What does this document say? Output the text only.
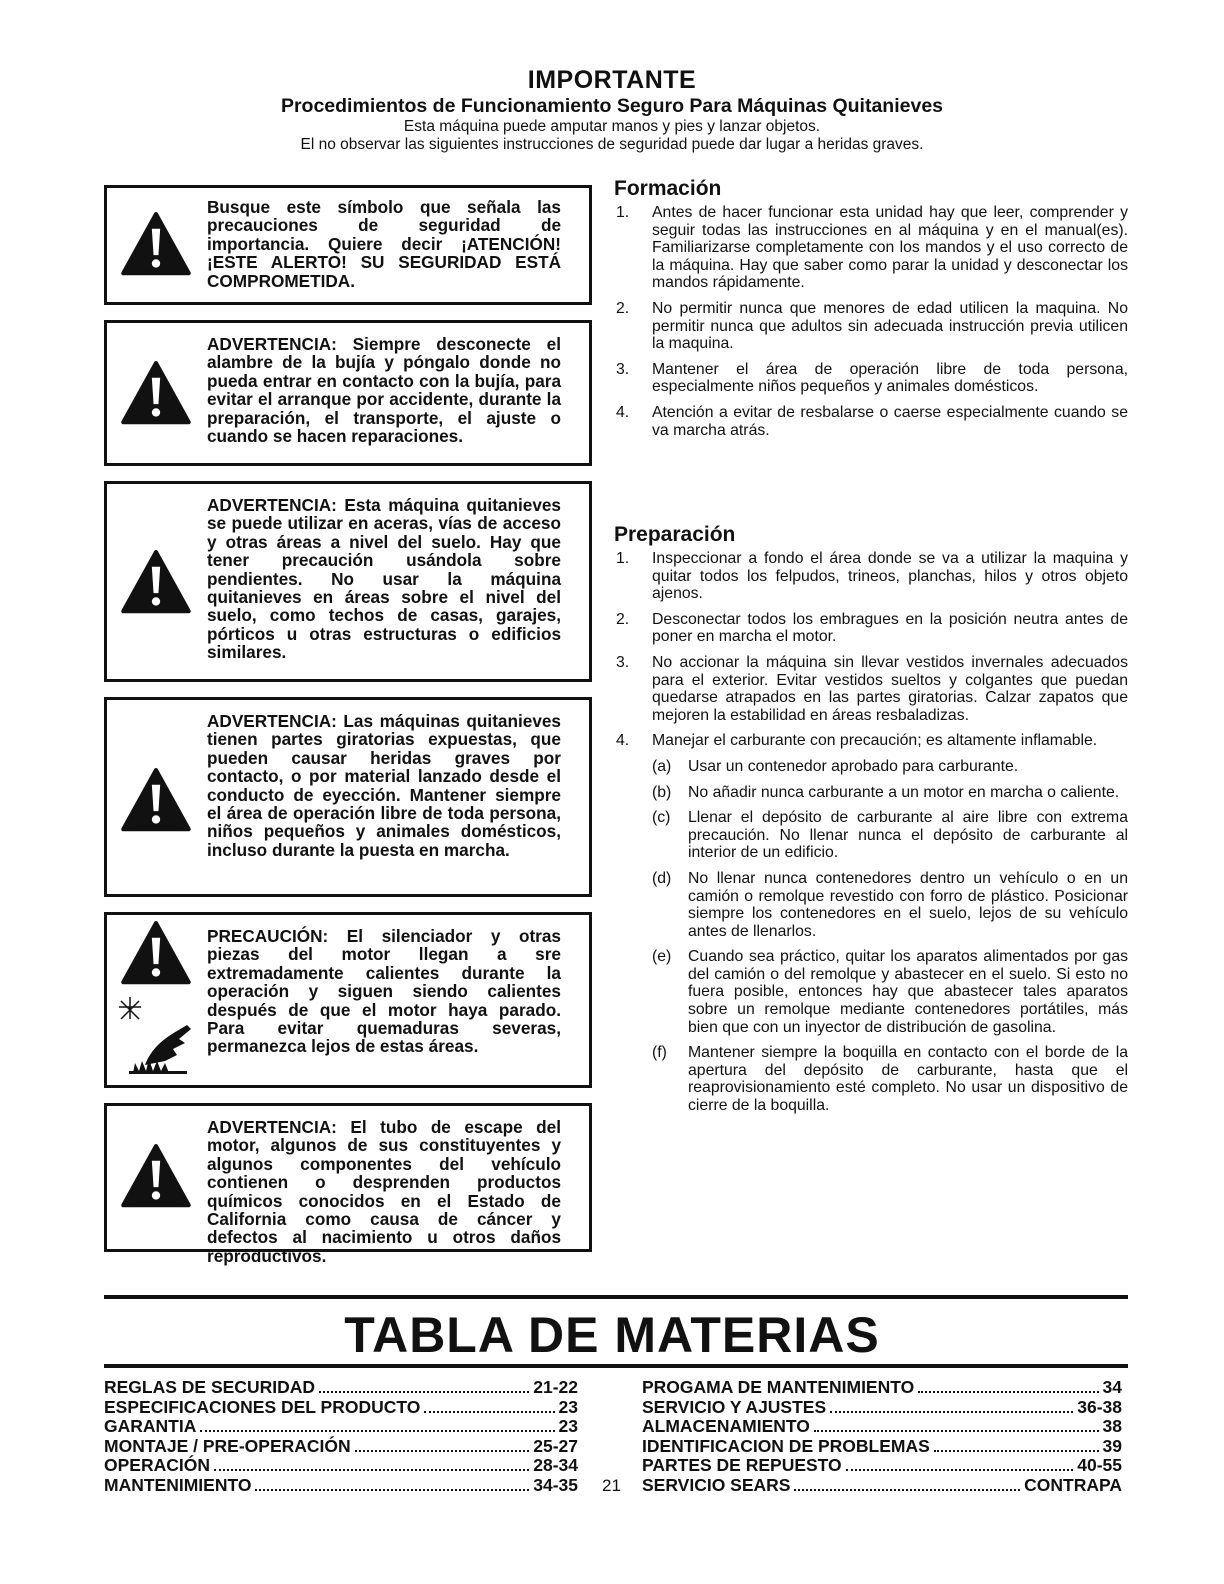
IMPORTANTE
Procedimientos de Funcionamiento Seguro Para Máquinas Quitanieves
Esta máquina puede amputar manos y pies y lanzar objetos.
El no observar las siguientes instrucciones de seguridad puede dar lugar a heridas graves.
Busque este símbolo que señala las precauciones de seguridad de importancia. Quiere decir ¡ATENCIÓN! ¡ESTE ALERTO! SU SEGURIDAD ESTÁ COMPROMETIDA.
ADVERTENCIA: Siempre desconecte el alambre de la bujía y póngalo donde no pueda entrar en contacto con la bujía, para evitar el arranque por accidente, durante la preparación, el transporte, el ajuste o cuando se hacen reparaciones.
ADVERTENCIA: Esta máquina quitanieves se puede utilizar en aceras, vías de acceso y otras áreas a nivel del suelo. Hay que tener precaución usándola sobre pendientes. No usar la máquina quitanieves en áreas sobre el nivel del suelo, como techos de casas, garajes, pórticos u otras estructuras o edificios similares.
ADVERTENCIA: Las máquinas quitanieves tienen partes giratorias expuestas, que pueden causar heridas graves por contacto, o por material lanzado desde el conducto de eyección. Mantener siempre el área de operación libre de toda persona, niños pequeños y animales domésticos, incluso durante la puesta en marcha.
PRECAUCIÓN: El silenciador y otras piezas del motor llegan a sre extremadamente calientes durante la operación y siguen siendo calientes después de que el motor haya parado. Para evitar quemaduras severas, permanezca lejos de estas áreas.
ADVERTENCIA: El tubo de escape del motor, algunos de sus constituyentes y algunos componentes del vehículo contienen o desprenden productos químicos conocidos en el Estado de California como causa de cáncer y defectos al nacimiento u otros daños reproductivos.
Formación
1.	Antes de hacer funcionar esta unidad hay que leer, comprender y seguir todas las instrucciones en al máquina y en el manual(es). Familiarizarse completamente con los mandos y el uso correcto de la máquina. Hay que saber como parar la unidad y desconectar los mandos rápidamente.
2.	No permitir nunca que menores de edad utilicen la maquina. No permitir nunca que adultos sin adecuada instrucción previa utilicen la maquina.
3.	Mantener el área de operación libre de toda persona, especialmente niños pequeños y animales domésticos.
4.	Atención a evitar de resbalarse o caerse especialmente cuando se va marcha atrás.
Preparación
1.	Inspeccionar a fondo el área donde se va a utilizar la maquina y quitar todos los felpudos, trineos, planchas, hilos y otros objeto ajenos.
2.	Desconectar todos los embragues en la posición neutra antes de poner en marcha el motor.
3.	No accionar la máquina sin llevar vestidos invernales adecuados para el exterior. Evitar vestidos sueltos y colgantes que puedan quedarse atrapados en las partes giratorias. Calzar zapatos que mejoren la estabilidad en áreas resbaladizas.
4.	Manejar el carburante con precaución; es altamente inflamable.
(a)	Usar un contenedor aprobado para carburante.
(b)	No añadir nunca carburante a un motor en marcha o caliente.
(c)	Llenar el depósito de carburante al aire libre con extrema precaución. No llenar nunca el depósito de carburante al interior de un edificio.
(d)	No llenar nunca contenedores dentro un vehículo o en un camión o remolque revestido con forro de plástico. Posicionar siempre los contenedores en el suelo, lejos de su vehículo antes de llenarlos.
(e)	Cuando sea práctico, quitar los aparatos alimentados por gas del camión o del remolque y abastecer en el suelo. Si esto no fuera posible, entonces hay que abastecer tales aparatos sobre un remolque mediante contenedores portátiles, más bien que con un inyector de distribución de gasolina.
(f)	Mantener siempre la boquilla en contacto con el borde de la apertura del depósito de carburante, hasta que el reaprovisionamiento esté completo. No usar un dispositivo de cierre de la boquilla.
TABLA DE MATERIAS
REGLAS DE SECURIDAD	21-22
ESPECIFICACIONES DEL PRODUCTO	23
GARANTIA	23
MONTAJE / PRE-OPERACIÓN	25-27
OPERACIÓN	28-34
MANTENIMIENTO	34-35 21
PROGAMA DE MANTENIMIENTO	34
SERVICIO Y AJUSTES	36-38
ALMACENAMIENTO	38
IDENTIFICACION DE PROBLEMAS	39
PARTES DE REPUESTO	40-55
SERVICIO SEARS	CONTRAPA
